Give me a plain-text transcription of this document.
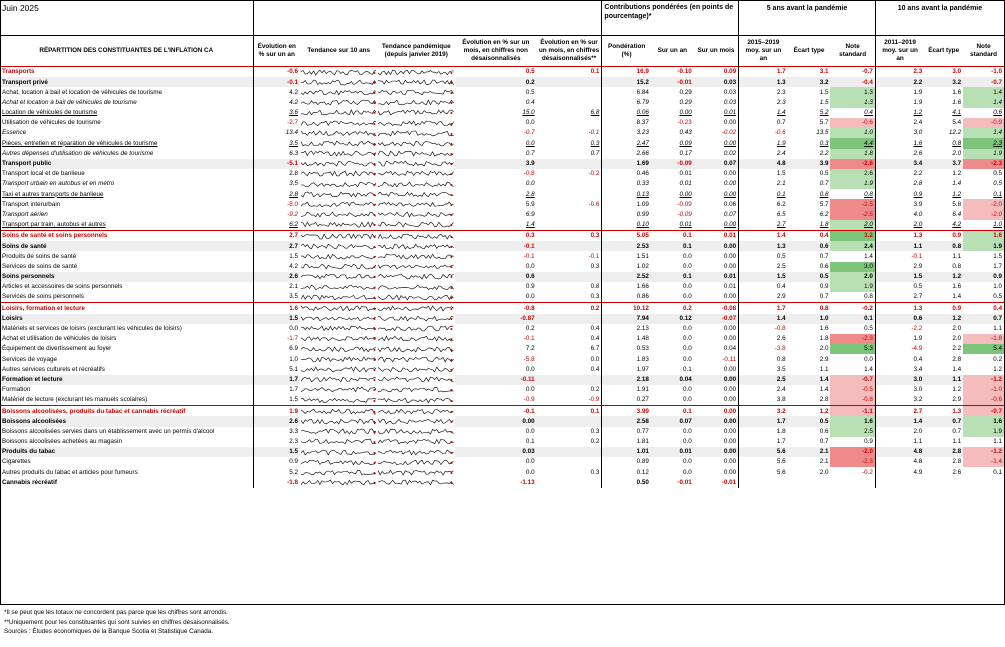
Juin 2025						Contributions pondérées (en points de pourcentage)*			5 ans avant la pandémie			10 ans avant la pandémie		
RÉPARTITION DES CONSTITUANTES DE L'INFLATION CA	Évolution en % sur un an	Tendance sur 10 ans	Tendance pandémique (depuis janvier 2019)	Évolution en % sur un mois, en chiffres non désaisonnalisés	Évolution en % sur un mois, en chiffres désaisonnalisés**	Pondération (%)	Sur un an	Sur un mois	2015–2019 moy. sur un an	Écart type	Note standard	2011–2019 moy. sur un an	Écart type	Note standard
Transports	-0.6			0.5	0.1	16.9	-0.10	0.09	1.7	3.1	-0.7	2.3	3.0	-1.0
Transport privé	-0.1			0.2		15.2	-0.01	0.03	1.3	3.2	-0.4	2.2	3.2	-0.7
Achat, location à bail et location de véhicules de tourisme	4.2			0.5		6.84	0.29	0.03	2.3	1.5	1.3	1.9	1.6	1.4
Achat et location à bail de véhicules de tourisme	4.2			0.4		6.79	0.29	0.03	2.3	1.5	1.3	1.9	1.6	1.4
Location de véhicules de tourisme	3.6			15.0	6.8	0.06	0.00	0.01	1.4	5.2	0.4	1.2	4.1	0.6
Utilisation de véhicules de tourisme	-2.7			0.0		8.37	-0.23	0.00	0.7	5.7	-0.6	2.4	5.4	-0.9
Essence	13.4			-0.7	-0.1	3.23	0.43	-0.02	-0.6	13.5	1.0	3.0	12.2	1.4
Pièces, entretien et réparation de véhicules de tourisme	3.5			0.0	0.3	2.47	0.09	0.00	1.9	0.3	4.4	1.6	0.8	2.3
Autres dépenses d'utilisation de véhicules de tourisme	6.3			0.7	0.7	2.66	0.17	0.02	2.4	2.2	1.8	2.6	2.0	1.9
Transport public	-5.1			3.9		1.69	-0.09	0.07	4.8	3.9	-2.6	3.4	3.7	-2.3
Transport local et de banlieue	2.8			-0.8	-0.2	0.46	0.01	0.00	1.5	0.5	2.6	2.2	1.2	0.5
Transport urbain en autobus et en métro	3.5			0.0		0.33	0.01	0.00	2.1	0.7	1.9	2.8	1.4	0.5
Taxi et autres transports de banlieue	2.8			2.8		0.13	0.00	0.00	0.1	0.8	0.8	0.9	1.2	0.1
Transport interurbain	-8.0			5.9	-0.6	1.09	-0.09	0.06	6.2	5.7	-2.5	3.9	5.8	-2.0
Transport aérien	-9.2			6.9		0.99	-0.09	0.07	6.5	6.2	-2.5	4.0	6.4	-2.0
Transport par train, autobus et autres	6.2			1.4		0.10	0.01	0.00	2.7	1.8	2.0	2.0	4.2	1.0
Soins de santé et soins personnels	2.7			0.3	0.3	5.05	0.1	0.01	1.4	0.4	3.2	1.3	0.9	1.6
Soins de santé	2.7			-0.1		2.53	0.1	0.00	1.3	0.6	2.4	1.1	0.8	1.9
Produits de soins de santé	1.5			-0.1	-0.1	1.51	0.0	0.00	0.5	0.7	1.4	-0.1	1.1	1.5
Services de soins de santé	4.2			0.0	0.3	1.02	0.0	0.00	2.5	0.6	3.0	2.9	0.8	1.7
Soins personnels	2.6			0.6		2.52	0.1	0.01	1.5	0.5	2.0	1.5	1.2	0.9
Articles et accessoires de soins personnels	2.1			0.9	0.8	1.66	0.0	0.01	0.4	0.9	1.9	0.5	1.6	1.0
Services de soins personnels	3.5			0.0	0.3	0.86	0.0	0.00	2.9	0.7	0.8	2.7	1.4	0.5
Loisirs, formation et lecture	1.6			-0.8	0.2	10.12	0.2	-0.08	1.7	0.8	-0.2	1.3	0.9	0.4
Loisirs	1.5			-0.87		7.94	0.12	-0.07	1.4	1.0	0.1	0.6	1.2	0.7
Matériels et services de loisirs (exclurant les véhicules de loisirs)	0.0			0.2	0.4	2.13	0.0	0.00	-0.8	1.6	0.5	-2.2	2.0	1.1
Achat et utilisation de véhicules de loisirs	-1.7			-0.1	0.4	1.48	0.0	0.00	2.6	1.8	-2.3	1.9	2.0	-1.8
Équipement de divertissement au foyer	6.9			7.2	6.7	0.53	0.0	0.04	-3.8	2.0	5.3	-4.9	2.2	5.4
Services de voyage	1.0			-5.8	0.0	1.83	0.0	-0.11	0.8	2.9	0.0	0.4	2.8	0.2
Autres services culturels et récréatifs	5.1			0.0	0.4	1.97	0.1	0.00	3.5	1.1	1.4	3.4	1.4	1.2
Formation et lecture	1.7			-0.11		2.18	0.04	0.00	2.5	1.4	-0.7	3.0	1.1	-1.2
Formation	1.7			0.0	0.2	1.91	0.0	0.00	2.4	1.4	-0.5	3.0	1.2	-1.0
Matériel de lecture (exclurant les manuels scolaires)	1.5			-0.9	-0.9	0.27	0.0	0.00	3.8	2.8	-0.8	3.2	2.9	-0.6
Boissons alcoolisées, produits du tabac et cannabis récréatif	1.9			-0.1	0.1	3.99	0.1	0.00	3.2	1.2	-1.1	2.7	1.3	-0.7
Boissons alcoolisées	2.6			0.00		2.58	0.07	0.00	1.7	0.5	1.6	1.4	0.7	1.6
Boissons alcoolisées servies dans un établissement avec un permis d'alcool	3.3			0.0	0.3	0.77	0.0	0.00	1.8	0.6	2.5	2.0	0.7	1.9
Boissons alcoolisées achetées au magasin	2.3			0.1	0.2	1.81	0.0	0.00	1.7	0.7	0.9	1.1	1.1	1.1
Produits du tabac	1.5			0.03		1.01	0.01	0.00	5.6	2.1	-2.0	4.8	2.8	-1.2
Cigarettes	0.9			0.0		0.89	0.0	0.00	5.6	2.1	-2.3	4.8	2.8	-1.4
Autres produits du tabac et articles pour fumeurs	5.2			0.0	0.3	0.12	0.0	0.00	5.6	2.0	-0.2	4.9	2.6	0.1
Cannabis récréatif	-1.8			-1.13		0.50	-0.01	-0.01						
*Il se peut que les totaux ne concordent pas parce que les chiffres sont arrondis.
**Uniquement pour les constituantes qui sont suivies en chiffres désaisonnalisés.
Sources : Études économiques de la Banque Scotia et Statistique Canada.
